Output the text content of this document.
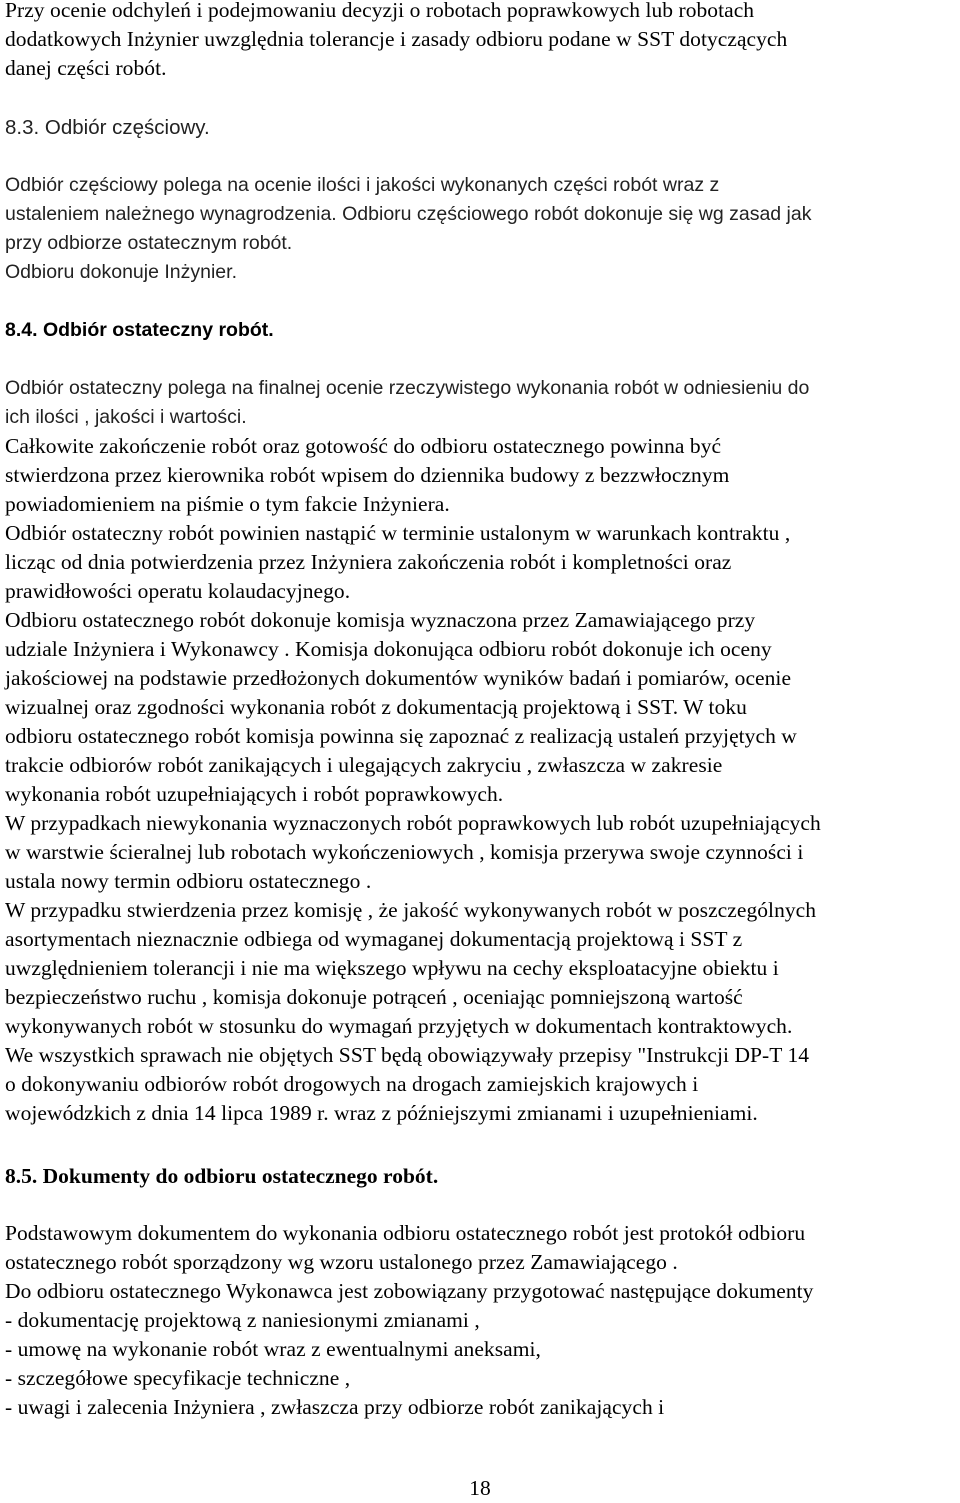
Przy ocenie odchyleń i podejmowaniu decyzji o robotach poprawkowych lub robotach
dodatkowych Inżynier uwzględnia tolerancje i zasady odbioru podane w SST dotyczących
danej części robót.
8.3. Odbiór częściowy.
Odbiór częściowy polega na ocenie ilości i jakości wykonanych części robót wraz z
ustaleniem należnego wynagrodzenia. Odbioru częściowego robót dokonuje się wg zasad jak
przy odbiorze ostatecznym robót.
Odbioru dokonuje Inżynier.
8.4. Odbiór ostateczny robót.
Odbiór ostateczny polega na finalnej ocenie rzeczywistego wykonania robót w odniesieniu do
ich ilości , jakości i wartości.
Całkowite zakończenie robót oraz gotowość do odbioru ostatecznego powinna być
stwierdzona przez kierownika robót wpisem do dziennika budowy z bezzwłocznym
powiadomieniem na piśmie o tym fakcie Inżyniera.
Odbiór ostateczny robót powinien nastąpić w terminie ustalonym w warunkach kontraktu ,
licząc od dnia potwierdzenia przez Inżyniera zakończenia robót i kompletności oraz
prawidłowości operatu kolaudacyjnego.
Odbioru ostatecznego robót dokonuje komisja wyznaczona przez Zamawiającego przy
udziale Inżyniera i Wykonawcy . Komisja dokonująca odbioru robót dokonuje ich oceny
jakościowej na podstawie przedłożonych dokumentów wyników badań i pomiarów, ocenie
wizualnej oraz zgodności wykonania robót z dokumentacją projektową i SST. W toku
odbioru ostatecznego robót komisja powinna się zapoznać z realizacją ustaleń przyjętych w
trakcie odbiorów robót zanikających i ulegających zakryciu , zwłaszcza w zakresie
wykonania robót uzupełniających i robót poprawkowych.
W przypadkach niewykonania wyznaczonych robót poprawkowych lub robót uzupełniających
w warstwie ścieralnej lub robotach wykończeniowych , komisja przerywa swoje czynności i
ustala nowy termin odbioru ostatecznego .
W przypadku stwierdzenia przez komisję , że jakość wykonywanych robót w poszczególnych
asortymentach nieznacznie odbiega od wymaganej dokumentacją projektową i SST z
uwzględnieniem tolerancji i nie ma większego wpływu na cechy eksploatacyjne obiektu i
bezpieczeństwo ruchu , komisja dokonuje potrąceń , oceniając pomniejszoną wartość
wykonywanych robót w stosunku do wymagań przyjętych w dokumentach kontraktowych.
We wszystkich sprawach nie objętych SST będą obowiązywały przepisy "Instrukcji DP-T 14
o dokonywaniu odbiorów robót drogowych na drogach zamiejskich krajowych i
wojewódzkich z dnia 14 lipca 1989 r. wraz z późniejszymi zmianami i uzupełnieniami.
8.5. Dokumenty do odbioru ostatecznego robót.
Podstawowym dokumentem do wykonania odbioru ostatecznego robót jest protokół odbioru
ostatecznego robót sporządzony wg wzoru ustalonego przez Zamawiającego .
Do odbioru ostatecznego Wykonawca jest zobowiązany przygotować następujące dokumenty
- dokumentację projektową z naniesionymi zmianami ,
- umowę na wykonanie robót wraz z ewentualnymi aneksami,
- szczegółowe specyfikacje techniczne ,
- uwagi i zalecenia Inżyniera , zwłaszcza przy odbiorze robót zanikających i
18
